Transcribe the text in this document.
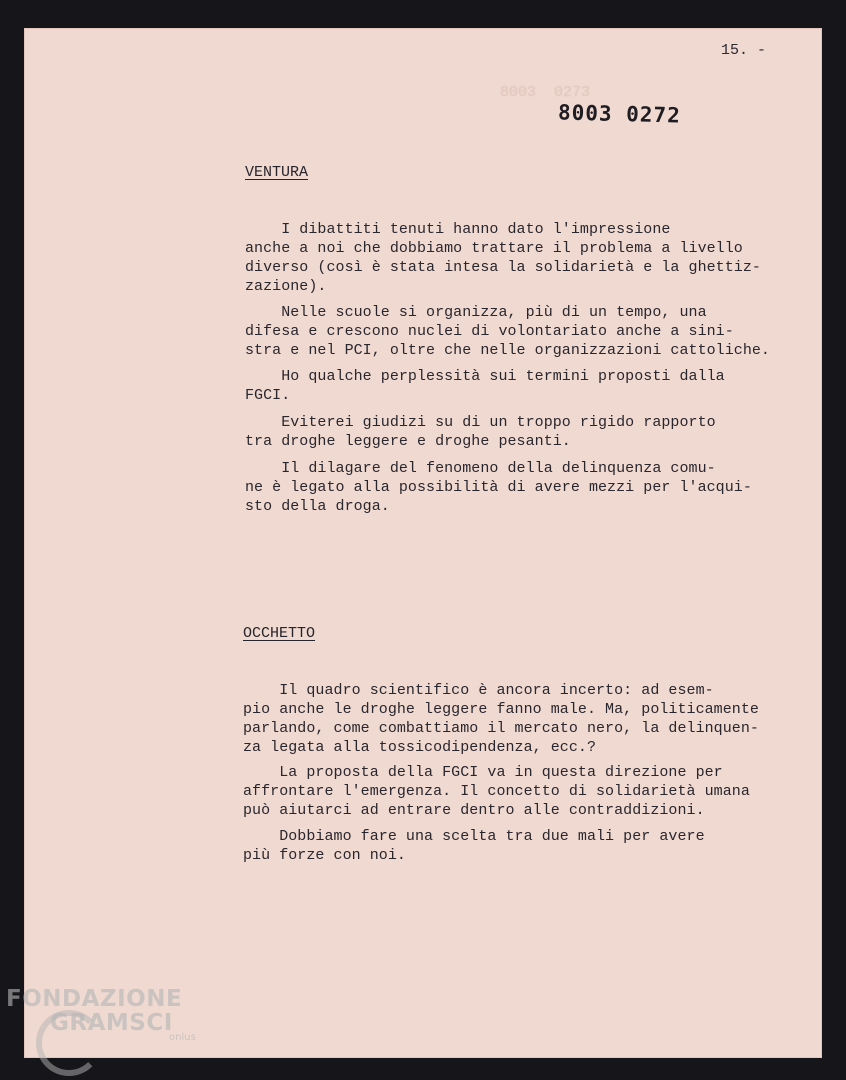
8003  0273
15. -
8003 0272
VENTURA
I dibattiti tenuti hanno dato l'impressione
anche a noi che dobbiamo trattare il problema a livello
diverso (così è stata intesa la solidarietà e la ghettiz-
zazione).
Nelle scuole si organizza, più di un tempo, una
difesa e crescono nuclei di volontariato anche a sini-
stra e nel PCI, oltre che nelle organizzazioni cattoliche.
Ho qualche perplessità sui termini proposti dalla
FGCI.
Eviterei giudizi su di un troppo rigido rapporto
tra droghe leggere e droghe pesanti.
Il dilagare del fenomeno della delinquenza comu-
ne è legato alla possibilità di avere mezzi per l'acqui-
sto della droga.
OCCHETTO
Il quadro scientifico è ancora incerto: ad esem-
pio anche le droghe leggere fanno male. Ma, politicamente
parlando, come combattiamo il mercato nero, la delinquen-
za legata alla tossicodipendenza, ecc.?
La proposta della FGCI va in questa direzione per
affrontare l'emergenza. Il concetto di solidarietà umana
può aiutarci ad entrare dentro alle contraddizioni.
Dobbiamo fare una scelta tra due mali per avere
più forze con noi.
FONDAZIONE
GRAMSCI
onlus
